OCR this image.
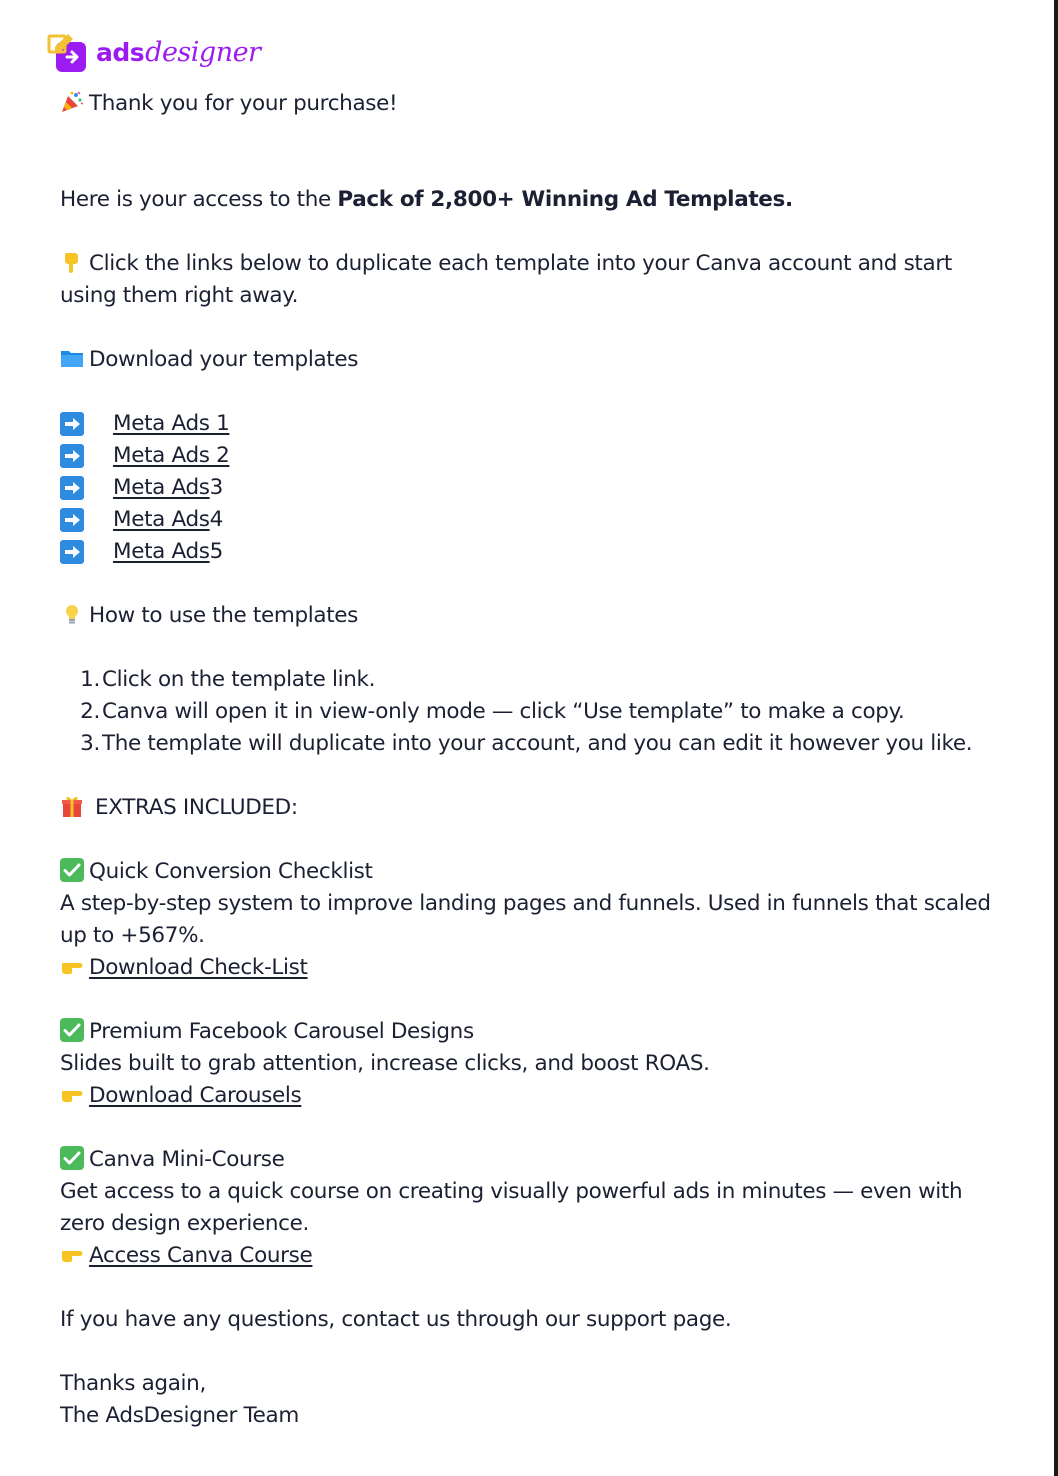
ads designer
Thank you for your purchase!
Here is your access to the Pack of 2,800+ Winning Ad Templates.
Click the links below to duplicate each template into your Canva account and start using them right away.
Download your templates
Meta Ads 1
Meta Ads 2
Meta Ads 3
Meta Ads 4
Meta Ads 5
How to use the templates
1. Click on the template link.
2. Canva will open it in view-only mode — click “Use template” to make a copy.
3. The template will duplicate into your account, and you can edit it however you like.
EXTRAS INCLUDED:
Quick Conversion Checklist
A step-by-step system to improve landing pages and funnels. Used in funnels that scaled up to +567%.
Download Check-List
Premium Facebook Carousel Designs
Slides built to grab attention, increase clicks, and boost ROAS.
Download Carousels
Canva Mini-Course
Get access to a quick course on creating visually powerful ads in minutes — even with zero design experience.
Access Canva Course
If you have any questions, contact us through our support page.
Thanks again,
The AdsDesigner Team
